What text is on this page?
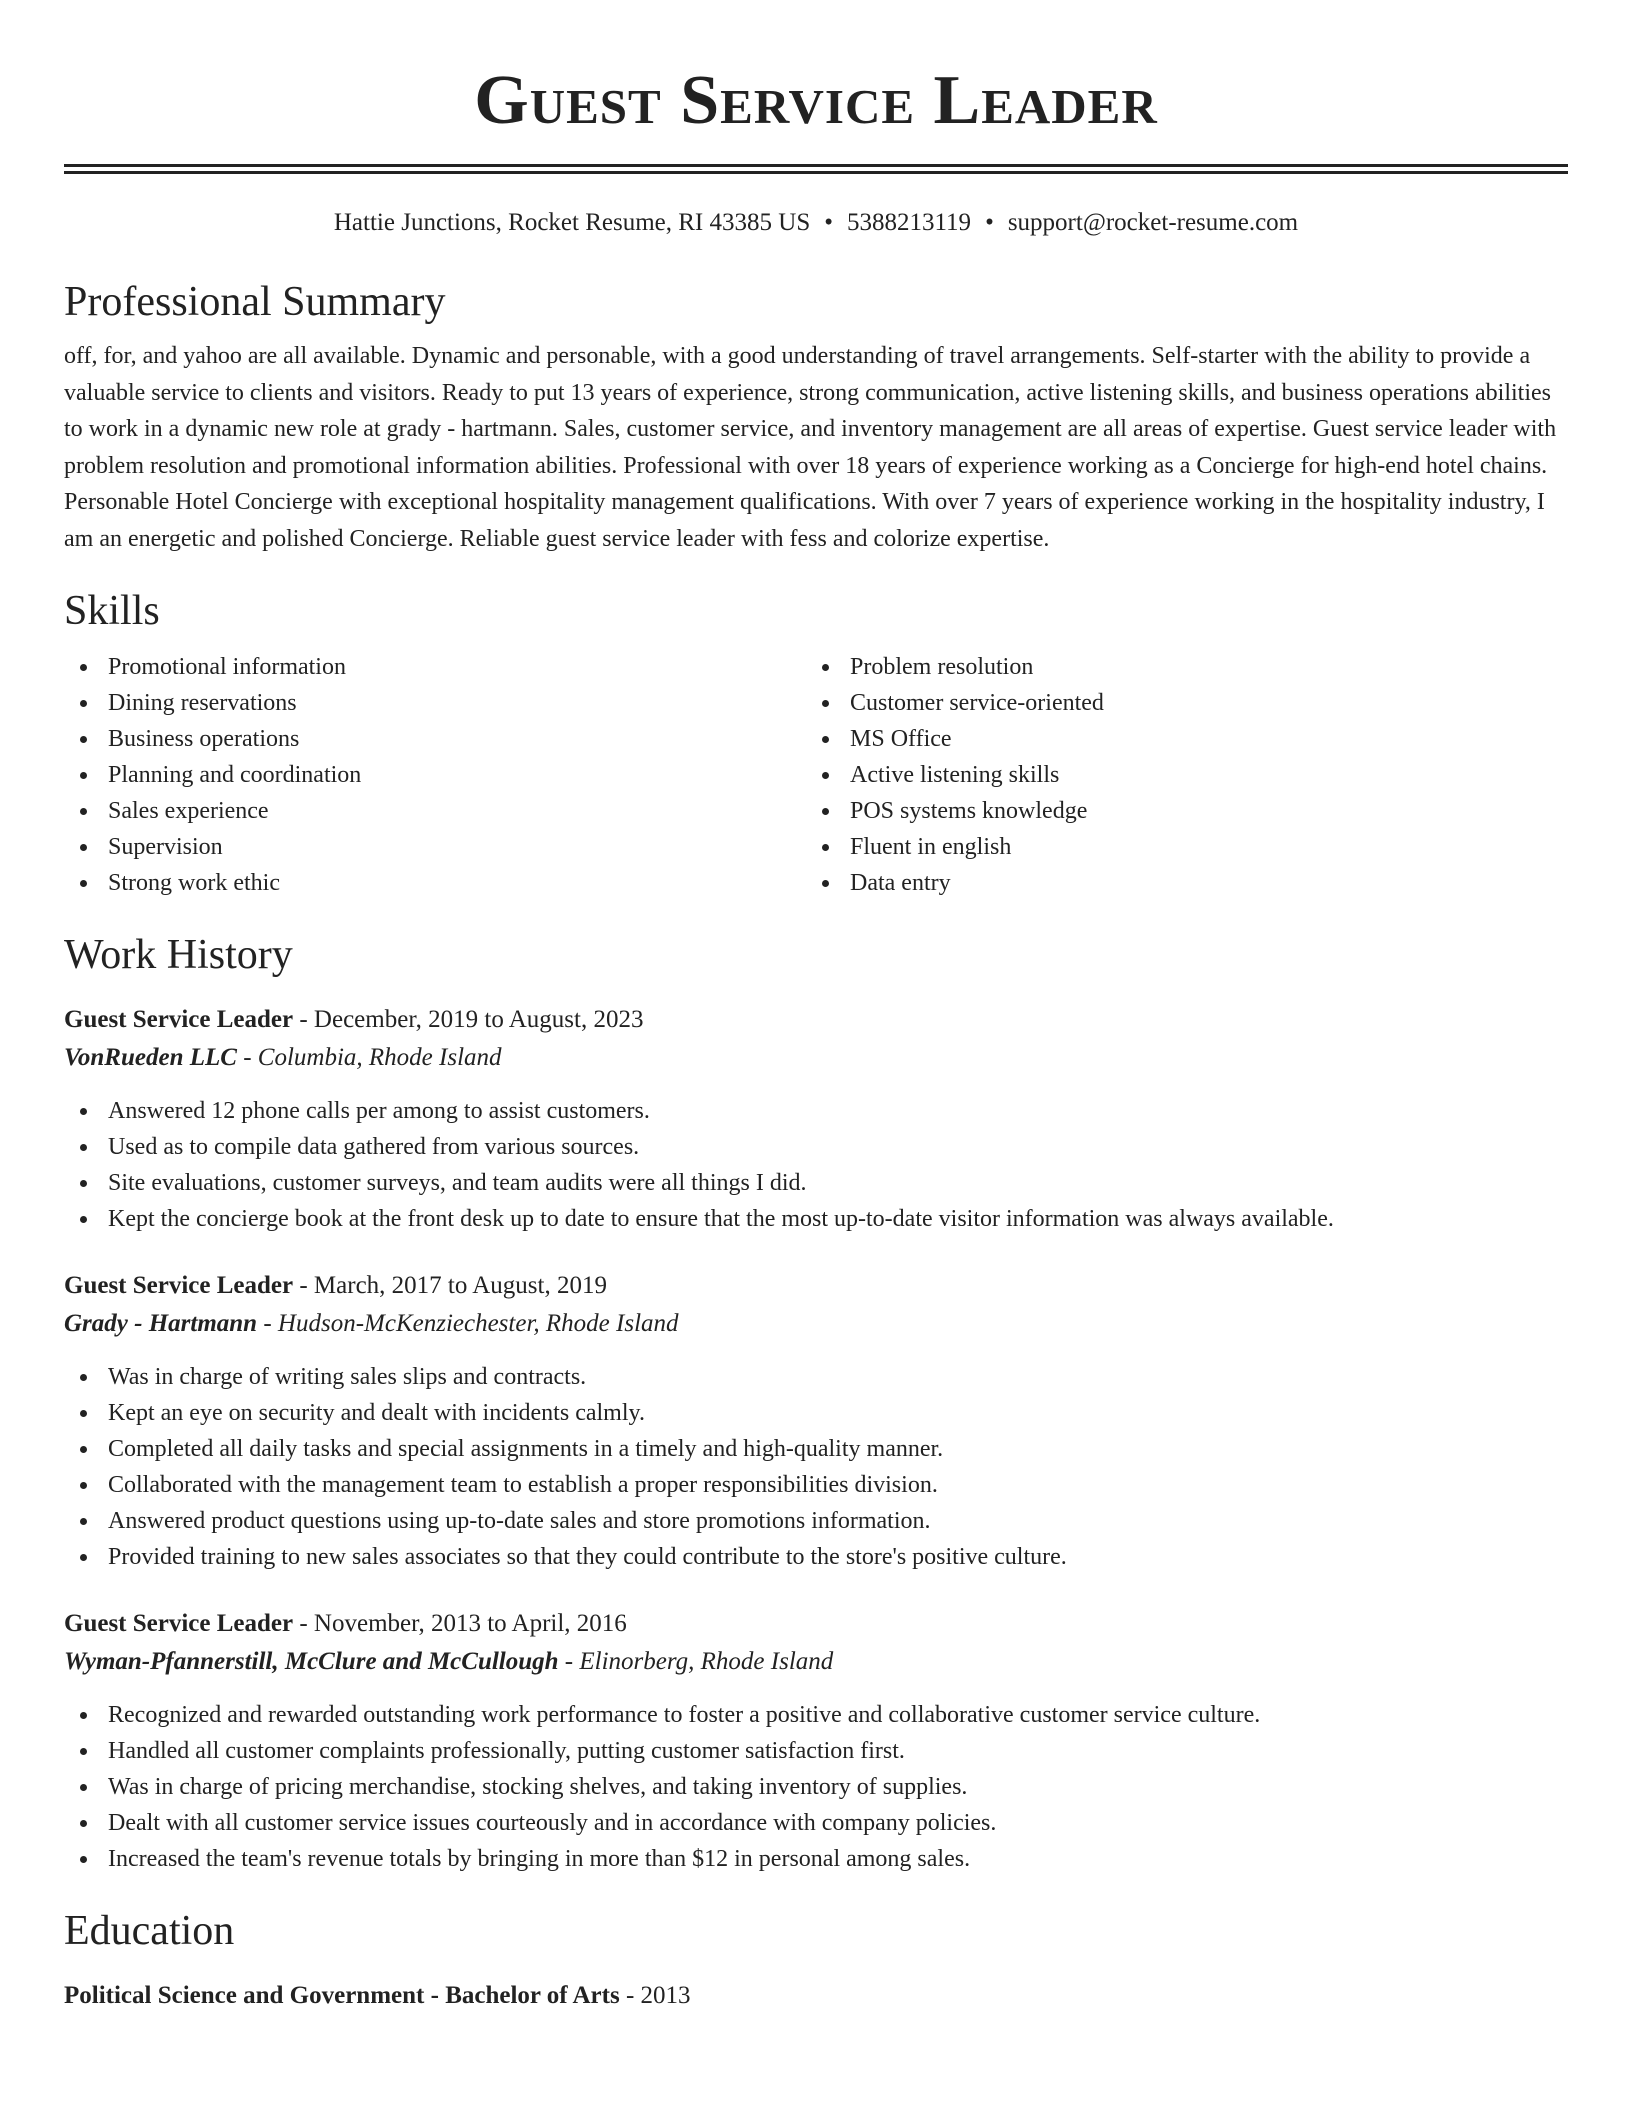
Guest Service Leader
Hattie Junctions, Rocket Resume, RI 43385 US • 5388213119 • support@rocket-resume.com
Professional Summary

off, for, and yahoo are all available. Dynamic and personable, with a good understanding of travel arrangements. Self-starter with the ability to provide a valuable service to clients and visitors. Ready to put 13 years of experience, strong communication, active listening skills, and business operations abilities to work in a dynamic new role at grady - hartmann. Sales, customer service, and inventory management are all areas of expertise. Guest service leader with problem resolution and promotional information abilities. Professional with over 18 years of experience working as a Concierge for high-end hotel chains. Personable Hotel Concierge with exceptional hospitality management qualifications. With over 7 years of experience working in the hospitality industry, I am an energetic and polished Concierge. Reliable guest service leader with fess and colorize expertise.

Skills
Promotional information
Dining reservations
Business operations
Planning and coordination
Sales experience
Supervision
Strong work ethic
Problem resolution
Customer service-oriented
MS Office
Active listening skills
POS systems knowledge
Fluent in english
Data entry
Work History
Guest Service Leader - December, 2019 to August, 2023
VonRueden LLC - Columbia, Rhode Island
Answered 12 phone calls per among to assist customers.
Used as to compile data gathered from various sources.
Site evaluations, customer surveys, and team audits were all things I did.
Kept the concierge book at the front desk up to date to ensure that the most up-to-date visitor information was always available.
Guest Service Leader - March, 2017 to August, 2019
Grady - Hartmann - Hudson-McKenziechester, Rhode Island
Was in charge of writing sales slips and contracts.
Kept an eye on security and dealt with incidents calmly.
Completed all daily tasks and special assignments in a timely and high-quality manner.
Collaborated with the management team to establish a proper responsibilities division.
Answered product questions using up-to-date sales and store promotions information.
Provided training to new sales associates so that they could contribute to the store's positive culture.
Guest Service Leader - November, 2013 to April, 2016
Wyman-Pfannerstill, McClure and McCullough - Elinorberg, Rhode Island
Recognized and rewarded outstanding work performance to foster a positive and collaborative customer service culture.
Handled all customer complaints professionally, putting customer satisfaction first.
Was in charge of pricing merchandise, stocking shelves, and taking inventory of supplies.
Dealt with all customer service issues courteously and in accordance with company policies.
Increased the team's revenue totals by bringing in more than $12 in personal among sales.
Education
Political Science and Government - Bachelor of Arts - 2013
